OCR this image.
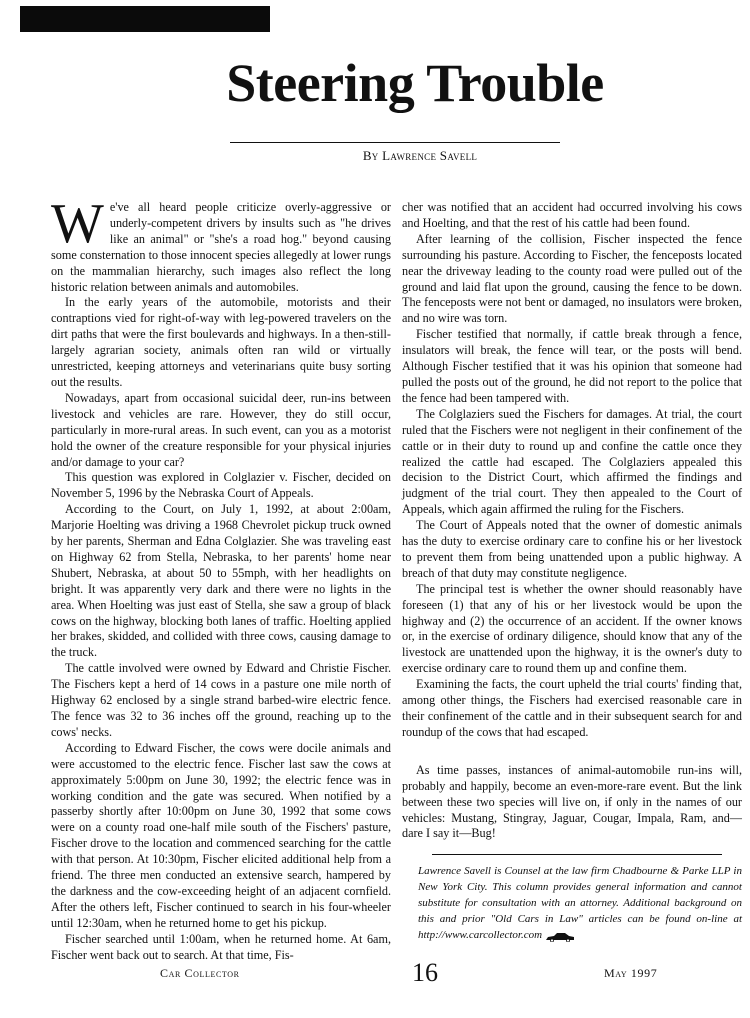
Steering Trouble
By Lawrence Savell

We've all heard people criticize overly-aggressive or underly-competent drivers by insults such as "he drives like an animal" or "she's a road hog." beyond causing some consternation to those innocent species allegedly at lower rungs on the mammalian hierarchy, such images also reflect the long historic relation between animals and automobiles.

In the early years of the automobile, motorists and their contraptions vied for right-of-way with leg-powered travelers on the dirt paths that were the first boulevards and highways. In a then-still-largely agrarian society, animals often ran wild or virtually unrestricted, keeping attorneys and veterinarians quite busy sorting out the results.

Nowadays, apart from occasional suicidal deer, run-ins between livestock and vehicles are rare. However, they do still occur, particularly in more-rural areas. In such event, can you as a motorist hold the owner of the creature responsible for your physical injuries and/or damage to your car?

This question was explored in Colglazier v. Fischer, decided on November 5, 1996 by the Nebraska Court of Appeals.

According to the Court, on July 1, 1992, at about 2:00am, Marjorie Hoelting was driving a 1968 Chevrolet pickup truck owned by her parents, Sherman and Edna Colglazier. She was traveling east on Highway 62 from Stella, Nebraska, to her parents' home near Shubert, Nebraska, at about 50 to 55mph, with her headlights on bright. It was apparently very dark and there were no lights in the area. When Hoelting was just east of Stella, she saw a group of black cows on the highway, blocking both lanes of traffic. Hoelting applied her brakes, skidded, and collided with three cows, causing damage to the truck.

The cattle involved were owned by Edward and Christie Fischer. The Fischers kept a herd of 14 cows in a pasture one mile north of Highway 62 enclosed by a single strand barbed-wire electric fence. The fence was 32 to 36 inches off the ground, reaching up to the cows' necks.

According to Edward Fischer, the cows were docile animals and were accustomed to the electric fence. Fischer last saw the cows at approximately 5:00pm on June 30, 1992; the electric fence was in working condition and the gate was secured. When notified by a passerby shortly after 10:00pm on June 30, 1992 that some cows were on a county road one-half mile south of the Fischers' pasture, Fischer drove to the location and commenced searching for the cattle with that person. At 10:30pm, Fischer elicited additional help from a friend. The three men conducted an extensive search, hampered by the darkness and the cow-exceeding height of an adjacent cornfield. After the others left, Fischer continued to search in his four-wheeler until 12:30am, when he returned home to get his pickup.

Fischer searched until 1:00am, when he returned home. At 6am, Fischer went back out to search. At that time, Fis-

cher was notified that an accident had occurred involving his cows and Hoelting, and that the rest of his cattle had been found.

After learning of the collision, Fischer inspected the fence surrounding his pasture. According to Fischer, the fenceposts located near the driveway leading to the county road were pulled out of the ground and laid flat upon the ground, causing the fence to be down. The fenceposts were not bent or damaged, no insulators were broken, and no wire was torn.

Fischer testified that normally, if cattle break through a fence, insulators will break, the fence will tear, or the posts will bend. Although Fischer testified that it was his opinion that someone had pulled the posts out of the ground, he did not report to the police that the fence had been tampered with.

The Colglaziers sued the Fischers for damages. At trial, the court ruled that the Fischers were not negligent in their confinement of the cattle or in their duty to round up and confine the cattle once they realized the cattle had escaped. The Colglaziers appealed this decision to the District Court, which affirmed the findings and judgment of the trial court. They then appealed to the Court of Appeals, which again affirmed the ruling for the Fischers.

The Court of Appeals noted that the owner of domestic animals has the duty to exercise ordinary care to confine his or her livestock to prevent them from being unattended upon a public highway. A breach of that duty may constitute negligence.

The principal test is whether the owner should reasonably have foreseen (1) that any of his or her livestock would be upon the highway and (2) the occurrence of an accident. If the owner knows or, in the exercise of ordinary diligence, should know that any of the livestock are unattended upon the highway, it is the owner's duty to exercise ordinary care to round them up and confine them.

Examining the facts, the court upheld the trial courts' finding that, among other things, the Fischers had exercised reasonable care in their confinement of the cattle and in their subsequent search for and roundup of the cows that had escaped.

As time passes, instances of animal-automobile run-ins will, probably and happily, become an even-more-rare event. But the link between these two species will live on, if only in the names of our vehicles: Mustang, Stingray, Jaguar, Cougar, Impala, Ram, and—dare I say it—Bug!

Lawrence Savell is Counsel at the law firm Chadbourne & Parke LLP in New York City. This column provides general information and cannot substitute for consultation with an attorney. Additional background on this and prior "Old Cars in Law" articles can be found on-line at http://www.carcollector.com

Car Collector	16	May 1997
